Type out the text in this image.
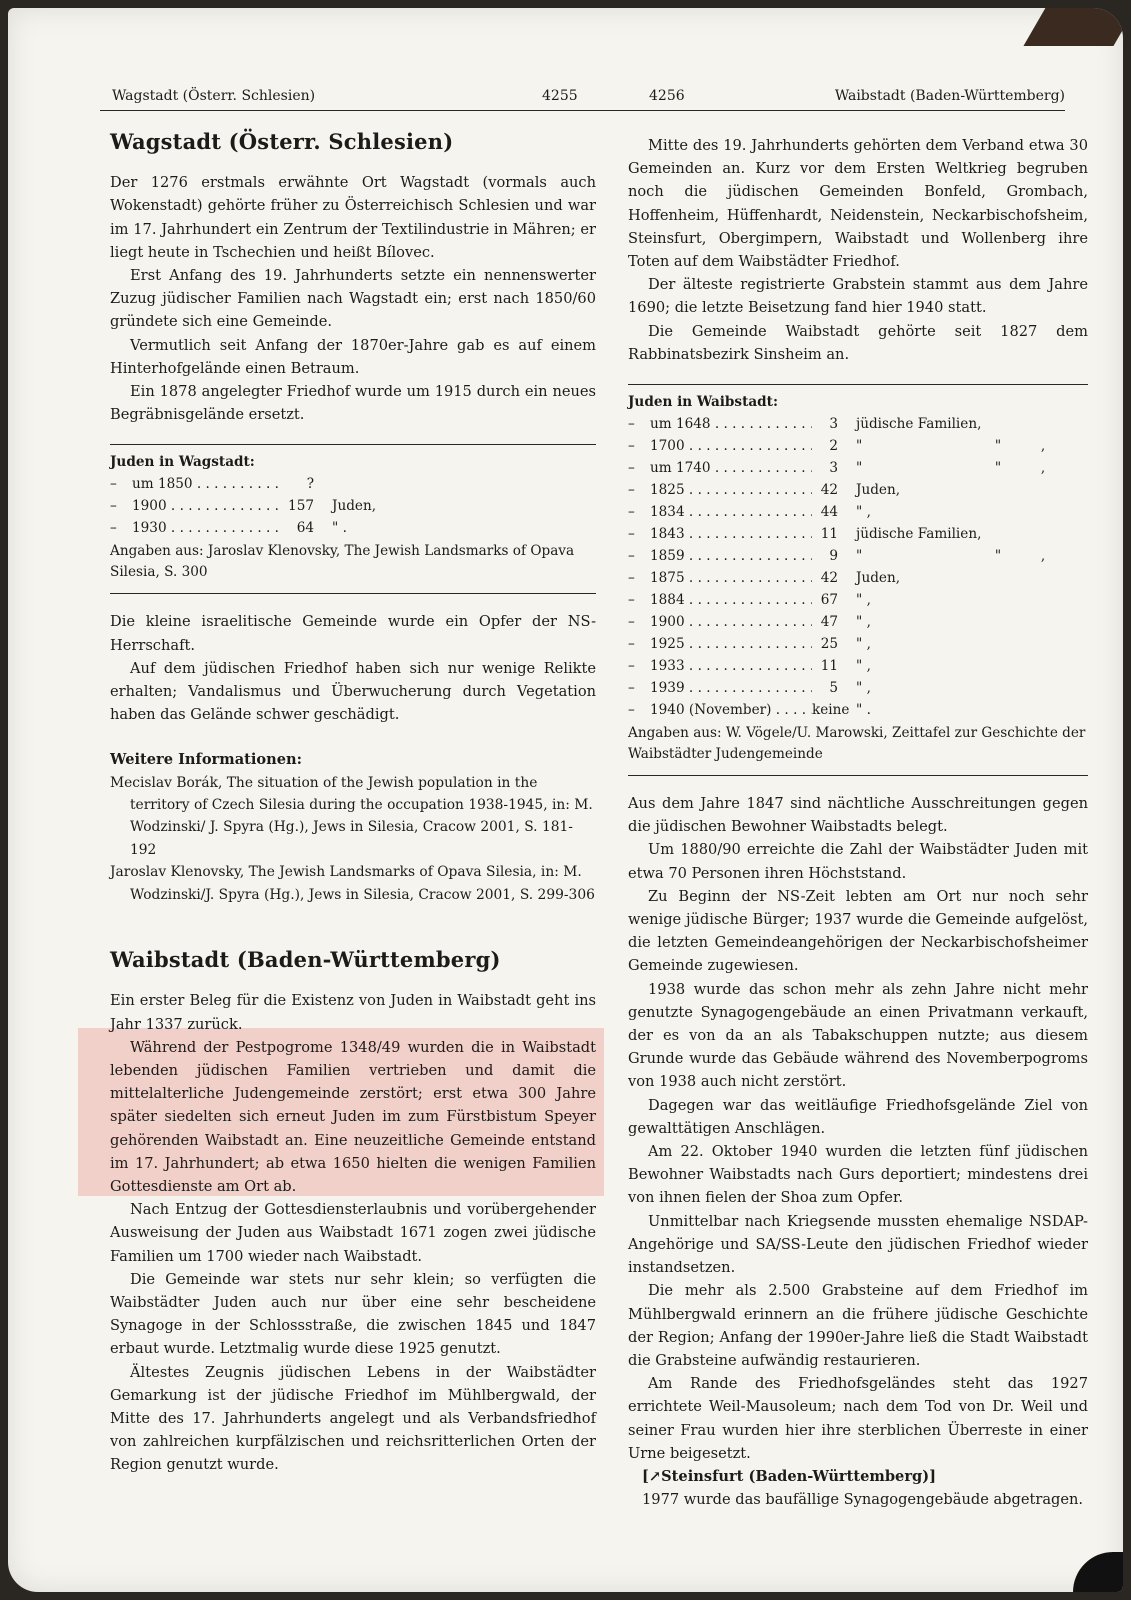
Wagstadt (Österr. Schlesien)	4255	4256	Waibstadt (Baden-Württemberg)
Wagstadt (Österr. Schlesien)

Der 1276 erstmals erwähnte Ort Wagstadt (vormals auch Wokenstadt) gehörte früher zu Österreichisch Schlesien und war im 17. Jahrhundert ein Zentrum der Textilindustrie in Mähren; er liegt heute in Tschechien und heißt Bílovec.

Erst Anfang des 19. Jahrhunderts setzte ein nennenswerter Zuzug jüdischer Familien nach Wagstadt ein; erst nach 1850/60 gründete sich eine Gemeinde.

Vermutlich seit Anfang der 1870er-Jahre gab es auf einem Hinterhofgelände einen Betraum.

Ein 1878 angelegter Friedhof wurde um 1915 durch ein neues Begräbnisgelände ersetzt.

Juden in Wagstadt:
–	um 1850 . . .	?
–	1900 . . .	157	Juden,
–	1930 . . .	64	" .
Angaben aus: Jaroslav Klenovsky, The Jewish Landsmarks of Opava Silesia, S. 300

Die kleine israelitische Gemeinde wurde ein Opfer der NS-Herrschaft.

Auf dem jüdischen Friedhof haben sich nur wenige Relikte erhalten; Vandalismus und Überwucherung durch Vegetation haben das Gelände schwer geschädigt.

Weitere Informationen:
Mecislav Borák, The situation of the Jewish population in the territory of Czech Silesia during the occupation 1938-1945, in: M. Wodzinski/ J. Spyra (Hg.), Jews in Silesia, Cracow 2001, S. 181-192
Jaroslav Klenovsky, The Jewish Landsmarks of Opava Silesia, in: M. Wodzinski/J. Spyra (Hg.), Jews in Silesia, Cracow 2001, S. 299-306
Waibstadt (Baden-Württemberg)

Ein erster Beleg für die Existenz von Juden in Waibstadt geht ins Jahr 1337 zurück.

Während der Pestpogrome 1348/49 wurden die in Waibstadt lebenden jüdischen Familien vertrieben und damit die mittelalterliche Judengemeinde zerstört; erst etwa 300 Jahre später siedelten sich erneut Juden im zum Fürstbistum Speyer gehörenden Waibstadt an. Eine neuzeitliche Gemeinde entstand im 17. Jahrhundert; ab etwa 1650 hielten die wenigen Familien Gottesdienste am Ort ab.

Nach Entzug der Gottesdiensterlaubnis und vorübergehender Ausweisung der Juden aus Waibstadt 1671 zogen zwei jüdische Familien um 1700 wieder nach Waibstadt.

Die Gemeinde war stets nur sehr klein; so verfügten die Waibstädter Juden auch nur über eine sehr bescheidene Synagoge in der Schlossstraße, die zwischen 1845 und 1847 erbaut wurde. Letztmalig wurde diese 1925 genutzt.

Ältestes Zeugnis jüdischen Lebens in der Waibstädter Gemarkung ist der jüdische Friedhof im Mühlbergwald, der Mitte des 17. Jahrhunderts angelegt und als Verbandsfriedhof von zahlreichen kurpfälzischen und reichsritterlichen Orten der Region genutzt wurde.

Mitte des 19. Jahrhunderts gehörten dem Verband etwa 30 Gemeinden an. Kurz vor dem Ersten Weltkrieg begruben noch die jüdischen Gemeinden Bonfeld, Grombach, Hoffenheim, Hüffenhardt, Neidenstein, Neckarbischofsheim, Steinsfurt, Obergimpern, Waibstadt und Wollenberg ihre Toten auf dem Waibstädter Friedhof.

Der älteste registrierte Grabstein stammt aus dem Jahre 1690; die letzte Beisetzung fand hier 1940 statt.

Die Gemeinde Waibstadt gehörte seit 1827 dem Rabbinatsbezirk Sinsheim an.

Juden in Waibstadt:
–	um 1648 . . .	3	jüdische Familien,
–	1700 . . .	2	"	"	,
–	um 1740 . . .	3	"	"	,
–	1825 . . .	42	Juden,
–	1834 . . .	44	" ,
–	1843 . . .	11	jüdische Familien,
–	1859 . . .	9	"	"	,
–	1875 . . .	42	Juden,
–	1884 . . .	67	" ,
–	1900 . . .	47	" ,
–	1925 . . .	25	" ,
–	1933 . . .	11	" ,
–	1939 . . .	5	" ,
–	1940 (November) . . .	keine " .
Angaben aus: W. Vögele/U. Marowski, Zeittafel zur Geschichte der Waibstädter Judengemeinde

Aus dem Jahre 1847 sind nächtliche Ausschreitungen gegen die jüdischen Bewohner Waibstadts belegt.

Um 1880/90 erreichte die Zahl der Waibstädter Juden mit etwa 70 Personen ihren Höchststand.

Zu Beginn der NS-Zeit lebten am Ort nur noch sehr wenige jüdische Bürger; 1937 wurde die Gemeinde aufgelöst, die letzten Gemeindeangehörigen der Neckarbischofsheimer Gemeinde zugewiesen.

1938 wurde das schon mehr als zehn Jahre nicht mehr genutzte Synagogengebäude an einen Privatmann verkauft, der es von da an als Tabakschuppen nutzte; aus diesem Grunde wurde das Gebäude während des Novemberpogroms von 1938 auch nicht zerstört.

Dagegen war das weitläufige Friedhofsgelände Ziel von gewalttätigen Anschlägen.

Am 22. Oktober 1940 wurden die letzten fünf jüdischen Bewohner Waibstadts nach Gurs deportiert; mindestens drei von ihnen fielen der Shoa zum Opfer.

Unmittelbar nach Kriegsende mussten ehemalige NSDAP-Angehörige und SA/SS-Leute den jüdischen Friedhof wieder instandsetzen.

Die mehr als 2.500 Grabsteine auf dem Friedhof im Mühlbergwald erinnern an die frühere jüdische Geschichte der Region; Anfang der 1990er-Jahre ließ die Stadt Waibstadt die Grabsteine aufwändig restaurieren.

Am Rande des Friedhofsgeländes steht das 1927 errichtete Weil-Mausoleum; nach dem Tod von Dr. Weil und seiner Frau wurden hier ihre sterblichen Überreste in einer Urne beigesetzt.

[↗Steinsfurt (Baden-Württemberg)]

1977 wurde das baufällige Synagogengebäude abgetragen.
